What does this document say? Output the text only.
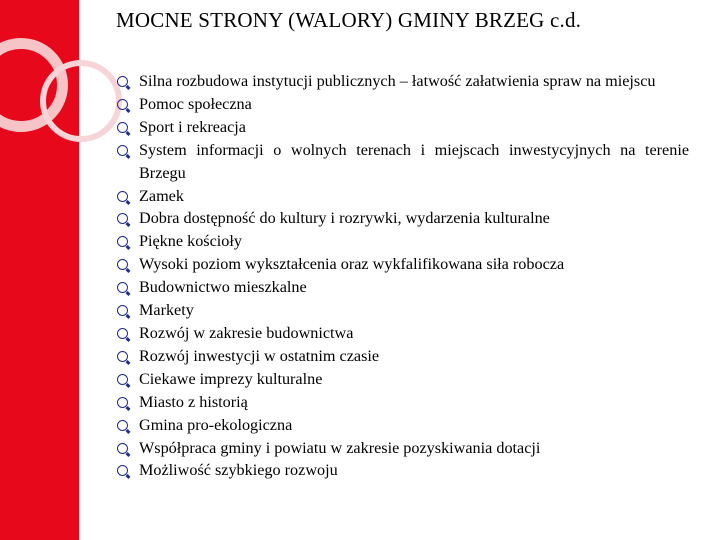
MOCNE STRONY (WALORY) GMINY BRZEG c.d.
Silna rozbudowa instytucji publicznych – łatwość załatwienia spraw na miejscu
Pomoc społeczna
Sport i rekreacja
System informacji o wolnych terenach i miejscach inwestycyjnych na terenie Brzegu
Zamek
Dobra dostępność do kultury i rozrywki, wydarzenia kulturalne
Piękne kościoły
Wysoki poziom wykształcenia oraz wykfalifikowana siła robocza
Budownictwo mieszkalne
Markety
Rozwój w zakresie budownictwa
Rozwój inwestycji w ostatnim czasie
Ciekawe imprezy kulturalne
Miasto z historią
Gmina pro-ekologiczna
Współpraca gminy i powiatu w zakresie pozyskiwania dotacji
Możliwość szybkiego rozwoju
